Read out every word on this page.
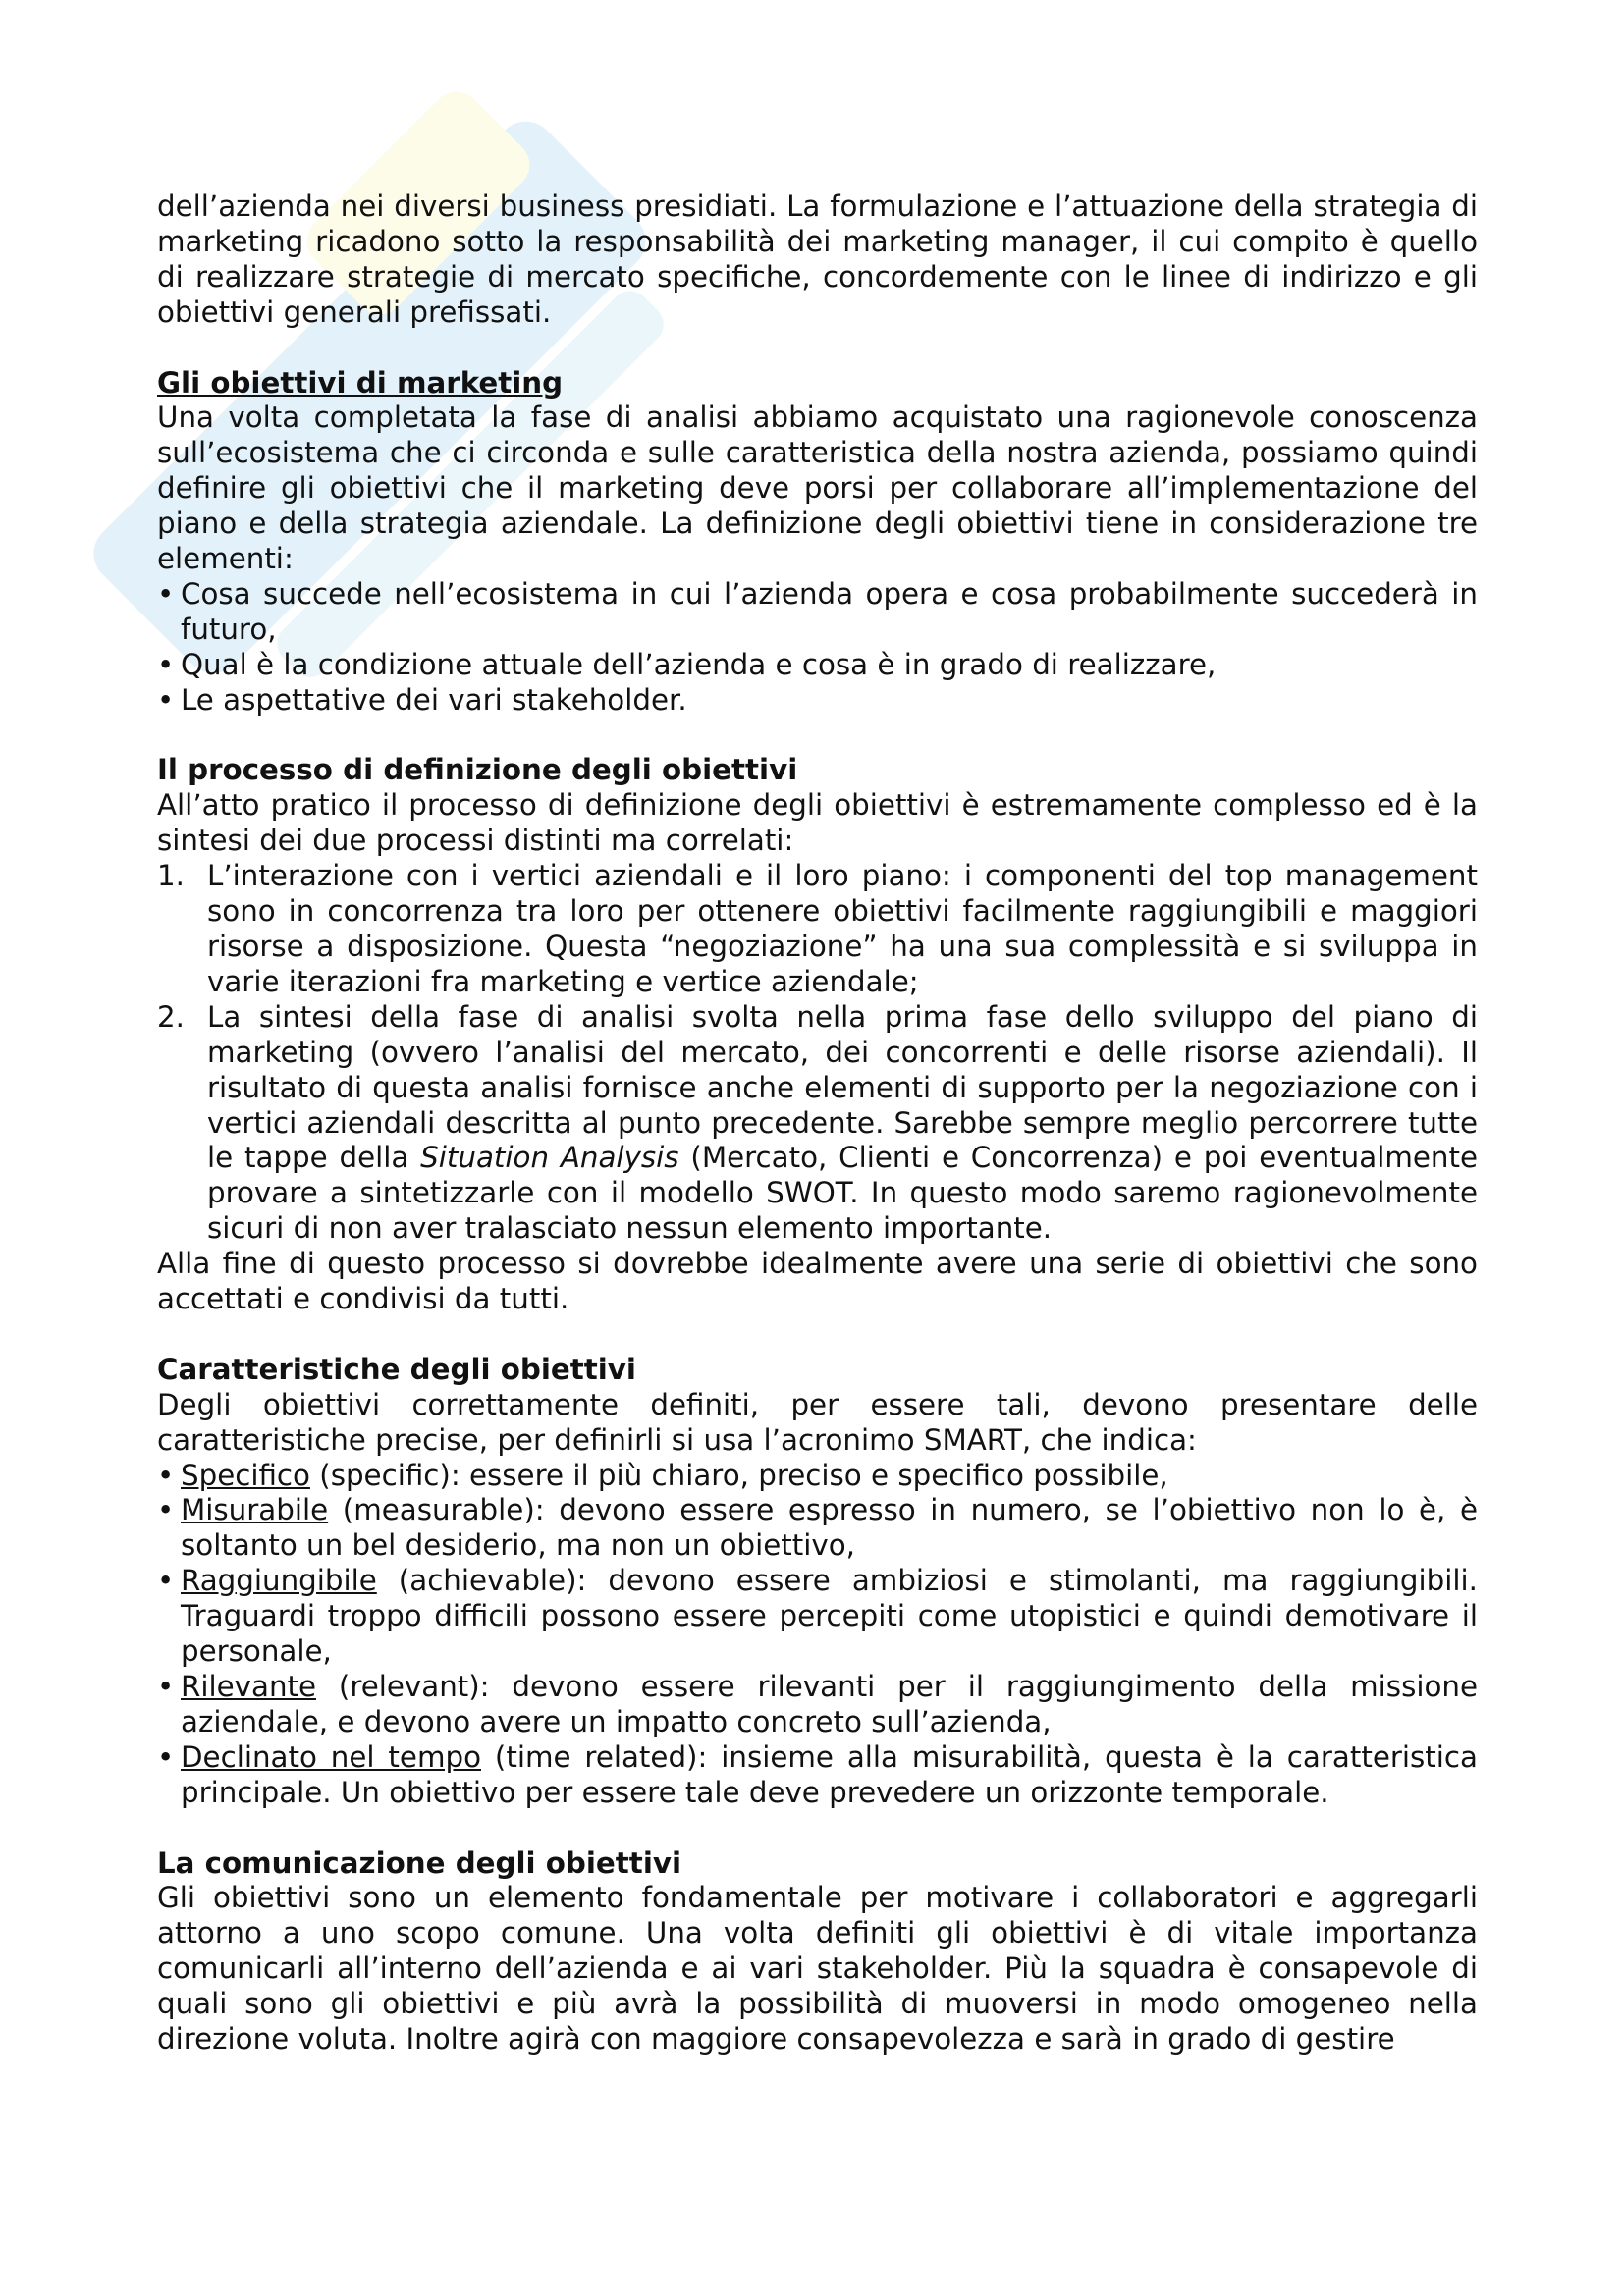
dell’azienda nei diversi business presidiati. La formulazione e l’attuazione della strategia di marketing ricadono sotto la responsabilità dei marketing manager, il cui compito è quello di realizzare strategie di mercato specifiche, concordemente con le linee di indirizzo e gli obiettivi generali prefissati.

Gli obiettivi di marketing

Una volta completata la fase di analisi abbiamo acquistato una ragionevole conoscenza sull’ecosistema che ci circonda e sulle caratteristica della nostra azienda, possiamo quindi definire gli obiettivi che il marketing deve porsi per collaborare all’implementazione del piano e della strategia aziendale. La definizione degli obiettivi tiene in considerazione tre elementi:

• Cosa succede nell’ecosistema in cui l’azienda opera e cosa probabilmente succederà in futuro,
• Qual è la condizione attuale dell’azienda e cosa è in grado di realizzare,
• Le aspettative dei vari stakeholder.
Il processo di definizione degli obiettivi

All’atto pratico il processo di definizione degli obiettivi è estremamente complesso ed è la sintesi dei due processi distinti ma correlati:

1. L’interazione con i vertici aziendali e il loro piano: i componenti del top management sono in concorrenza tra loro per ottenere obiettivi facilmente raggiungibili e maggiori risorse a disposizione. Questa “negoziazione” ha una sua complessità e si sviluppa in varie iterazioni fra marketing e vertice aziendale;
2. La sintesi della fase di analisi svolta nella prima fase dello sviluppo del piano di marketing (ovvero l’analisi del mercato, dei concorrenti e delle risorse aziendali). Il risultato di questa analisi fornisce anche elementi di supporto per la negoziazione con i vertici aziendali descritta al punto precedente. Sarebbe sempre meglio percorrere tutte le tappe della Situation Analysis (Mercato, Clienti e Concorrenza) e poi eventualmente provare a sintetizzarle con il modello SWOT. In questo modo saremo ragionevolmente sicuri di non aver tralasciato nessun elemento importante.

Alla fine di questo processo si dovrebbe idealmente avere una serie di obiettivi che sono accettati e condivisi da tutti.

Caratteristiche degli obiettivi

Degli obiettivi correttamente definiti, per essere tali, devono presentare delle caratteristiche precise, per definirli si usa l’acronimo SMART, che indica:

• Specifico (specific): essere il più chiaro, preciso e specifico possibile,
• Misurabile (measurable): devono essere espresso in numero, se l’obiettivo non lo è, è soltanto un bel desiderio, ma non un obiettivo,
• Raggiungibile (achievable): devono essere ambiziosi e stimolanti, ma raggiungibili. Traguardi troppo difficili possono essere percepiti come utopistici e quindi demotivare il personale,
• Rilevante (relevant): devono essere rilevanti per il raggiungimento della missione aziendale, e devono avere un impatto concreto sull’azienda,
• Declinato nel tempo (time related): insieme alla misurabilità, questa è la caratteristica principale. Un obiettivo per essere tale deve prevedere un orizzonte temporale.
La comunicazione degli obiettivi

Gli obiettivi sono un elemento fondamentale per motivare i collaboratori e aggregarli attorno a uno scopo comune. Una volta definiti gli obiettivi è di vitale importanza comunicarli all’interno dell’azienda e ai vari stakeholder. Più la squadra è consapevole di quali sono gli obiettivi e più avrà la possibilità di muoversi in modo omogeneo nella direzione voluta. Inoltre agirà con maggiore consapevolezza e sarà in grado di gestire
